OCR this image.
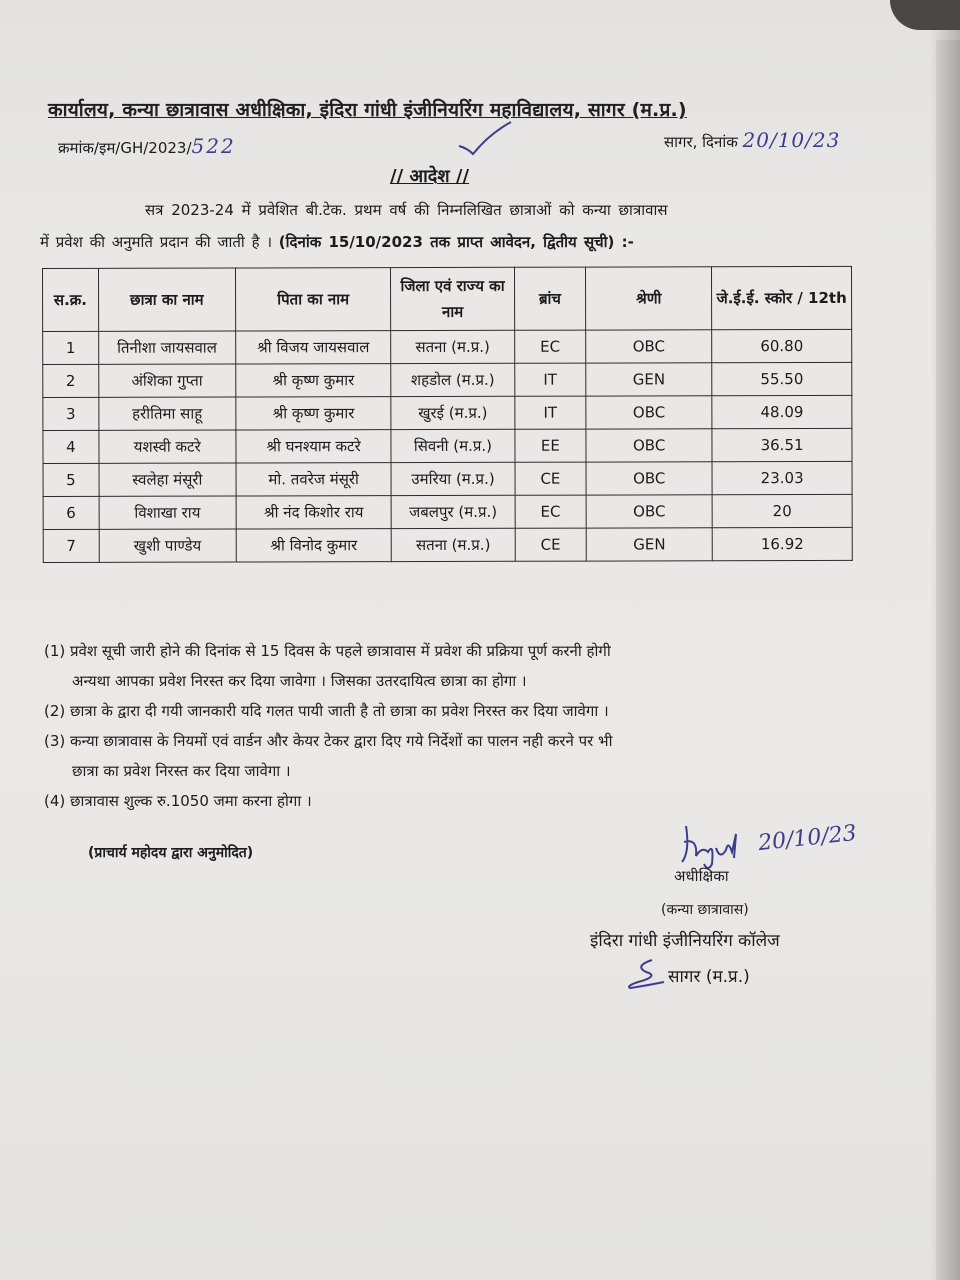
कार्यालय, कन्या छात्रावास अधीक्षिका, इंदिरा गांधी इंजीनियरिंग महाविद्यालय, सागर (म.प्र.)
क्रमांक/इम/GH/2023/522	सागर, दिनांक 20/10/23
// आदेश //
सत्र 2023-24 में प्रवेशित बी.टेक. प्रथम वर्ष की निम्नलिखित छात्राओं को कन्या छात्रावास
में प्रवेश की अनुमति प्रदान की जाती है । (दिनांक 15/10/2023 तक प्राप्त आवेदन, द्वितीय सूची) :-
स.क्र.	छात्रा का नाम	पिता का नाम	जिला एवं राज्य का नाम	ब्रांच	श्रेणी	जे.ई.ई. स्कोर / 12th
1	तिनीशा जायसवाल	श्री विजय जायसवाल	सतना (म.प्र.)	EC	OBC	60.80
2	अंशिका गुप्ता	श्री कृष्ण कुमार	शहडोल (म.प्र.)	IT	GEN	55.50
3	हरीतिमा साहू	श्री कृष्ण कुमार	खुरई (म.प्र.)	IT	OBC	48.09
4	यशस्वी कटरे	श्री घनश्याम कटरे	सिवनी (म.प्र.)	EE	OBC	36.51
5	स्वलेहा मंसूरी	मो. तवरेज मंसूरी	उमरिया (म.प्र.)	CE	OBC	23.03
6	विशाखा राय	श्री नंद किशोर राय	जबलपुर (म.प्र.)	EC	OBC	20
7	खुशी पाण्डेय	श्री विनोद कुमार	सतना (म.प्र.)	CE	GEN	16.92
(1) प्रवेश सूची जारी होने की दिनांक से 15 दिवस के पहले छात्रावास में प्रवेश की प्रक्रिया पूर्ण करनी होगी
अन्यथा आपका प्रवेश निरस्त कर दिया जावेगा । जिसका उतरदायित्व छात्रा का होगा ।
(2) छात्रा के द्वारा दी गयी जानकारी यदि गलत पायी जाती है तो छात्रा का प्रवेश निरस्त कर दिया जावेगा ।
(3) कन्या छात्रावास के नियमों एवं वार्डन और केयर टेकर द्वारा दिए गये निर्देशों का पालन नही करने पर भी
छात्रा का प्रवेश निरस्त कर दिया जावेगा ।
(4) छात्रावास शुल्क रु.1050 जमा करना होगा ।
(प्राचार्य महोदय द्वारा अनुमोदित)	20/10/23
अधीक्षिका
(कन्या छात्रावास)
इंदिरा गांधी इंजीनियरिंग कॉलेज
सागर (म.प्र.)
